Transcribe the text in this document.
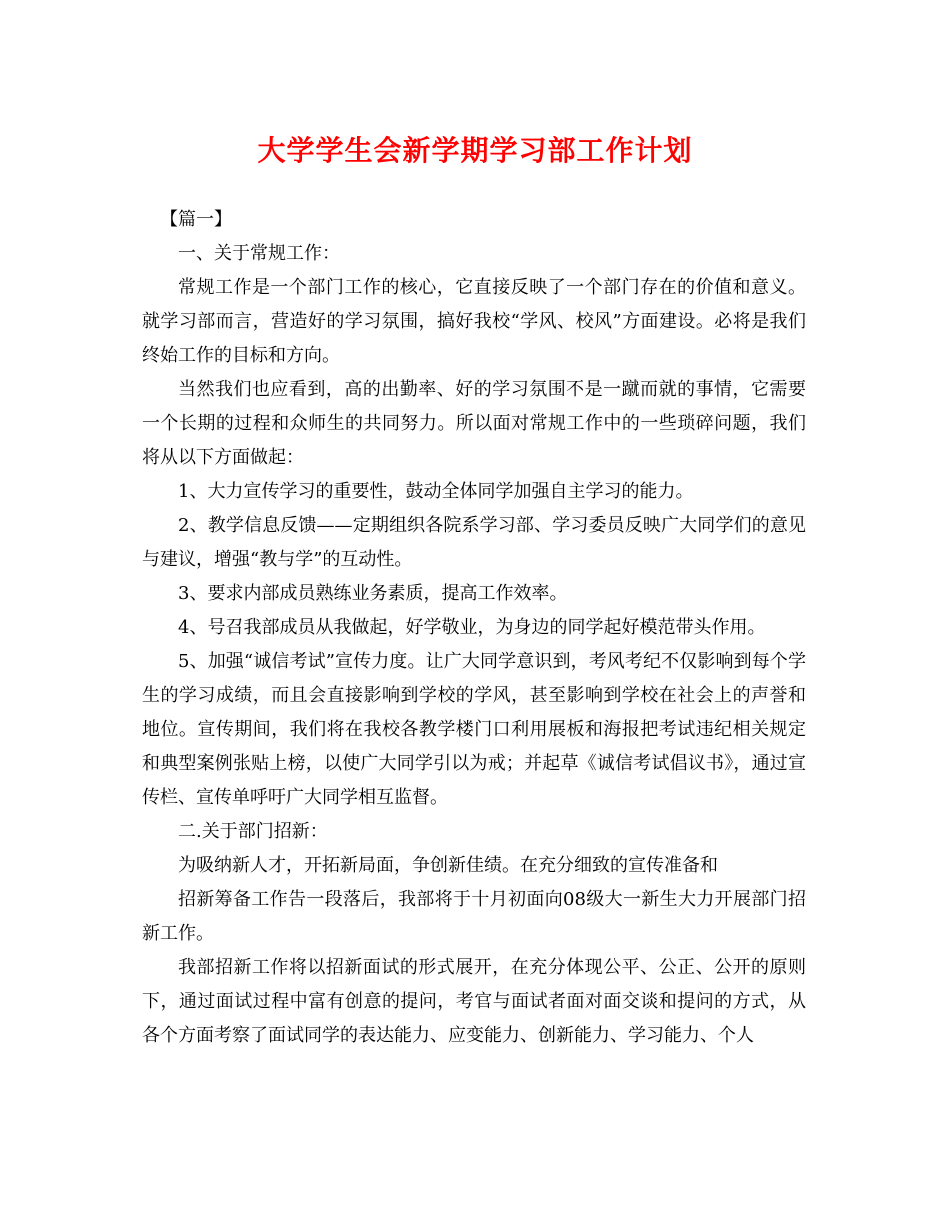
大学学生会新学期学习部工作计划

【篇一】

一、关于常规工作：

常规工作是一个部门工作的核心，它直接反映了一个部门存在的价值和意义。就学习部而言，营造好的学习氛围，搞好我校“学风、校风”方面建设。必将是我们终始工作的目标和方向。

当然我们也应看到，高的出勤率、好的学习氛围不是一蹴而就的事情，它需要一个长期的过程和众师生的共同努力。所以面对常规工作中的一些琐碎问题，我们将从以下方面做起：

1、大力宣传学习的重要性，鼓动全体同学加强自主学习的能力。

2、教学信息反馈——定期组织各院系学习部、学习委员反映广大同学们的意见与建议，增强“教与学”的互动性。

3、要求内部成员熟练业务素质，提高工作效率。

4、号召我部成员从我做起，好学敬业，为身边的同学起好模范带头作用。

5、加强“诚信考试”宣传力度。让广大同学意识到，考风考纪不仅影响到每个学生的学习成绩，而且会直接影响到学校的学风，甚至影响到学校在社会上的声誉和地位。宣传期间，我们将在我校各教学楼门口利用展板和海报把考试违纪相关规定和典型案例张贴上榜，以使广大同学引以为戒；并起草《诚信考试倡议书》，通过宣传栏、宣传单呼吁广大同学相互监督。

二.关于部门招新：

为吸纳新人才，开拓新局面，争创新佳绩。在充分细致的宣传准备和

招新筹备工作告一段落后，我部将于十月初面向08级大一新生大力开展部门招新工作。

我部招新工作将以招新面试的形式展开，在充分体现公平、公正、公开的原则下，通过面试过程中富有创意的提问，考官与面试者面对面交谈和提问的方式，从各个方面考察了面试同学的表达能力、应变能力、创新能力、学习能力、个人
